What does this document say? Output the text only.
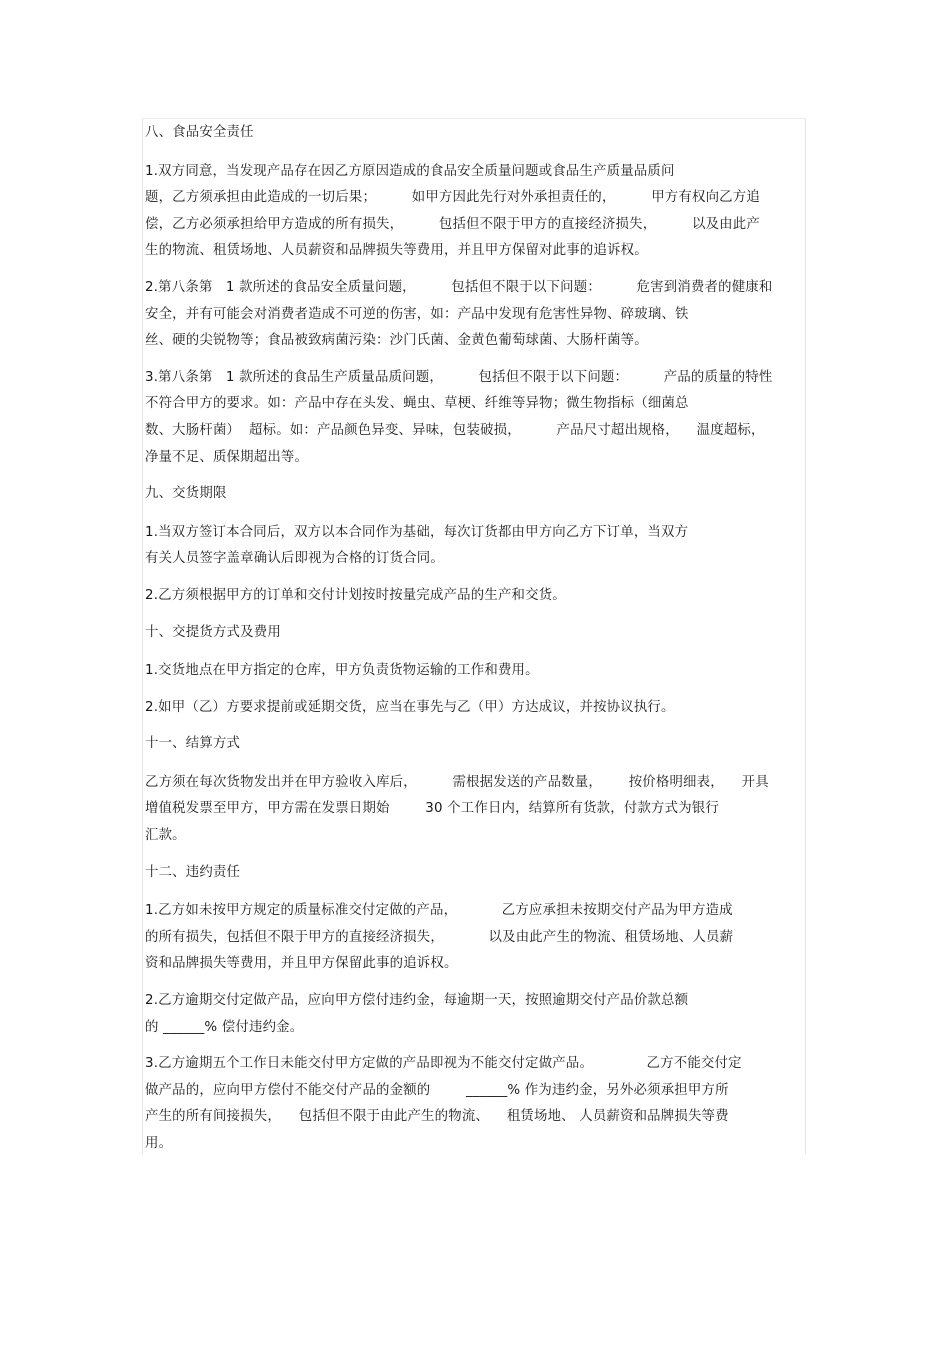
八、食品安全责任
1.双方同意，当发现产品存在因乙方原因造成的食品安全质量问题或食品生产质量品质问
题，乙方须承担由此造成的一切后果；        如甲方因此先行对外承担责任的，        甲方有权向乙方追
偿，乙方必须承担给甲方造成的所有损失，        包括但不限于甲方的直接经济损失，        以及由此产
生的物流、租赁场地、人员薪资和品牌损失等费用，并且甲方保留对此事的追诉权。
2.第八条第   1 款所述的食品安全质量问题，        包括但不限于以下问题：        危害到消费者的健康和
安全，并有可能会对消费者造成不可逆的伤害，如：产品中发现有危害性异物、碎玻璃、铁
丝、硬的尖锐物等；食品被致病菌污染：沙门氏菌、金黄色葡萄球菌、大肠杆菌等。
3.第八条第   1 款所述的食品生产质量品质问题，        包括但不限于以下问题：        产品的质量的特性
不符合甲方的要求。如：产品中存在头发、蝇虫、草梗、纤维等异物；微生物指标（细菌总
数、大肠杆菌）  超标。如：产品颜色异变、异味，包装破损，        产品尺寸超出规格，    温度超标，
净量不足、质保期超出等。
九、交货期限
1.当双方签订本合同后，双方以本合同作为基础，每次订货都由甲方向乙方下订单，当双方
有关人员签字盖章确认后即视为合格的订货合同。
2.乙方须根据甲方的订单和交付计划按时按量完成产品的生产和交货。
十、交提货方式及费用
1.交货地点在甲方指定的仓库，甲方负责货物运输的工作和费用。
2.如甲（乙）方要求提前或延期交货，应当在事先与乙（甲）方达成议，并按协议执行。
十一、结算方式
乙方须在每次货物发出并在甲方验收入库后，        需根据发送的产品数量，      按价格明细表，    开具
增值税发票至甲方，甲方需在发票日期始        30 个工作日内，结算所有货款，付款方式为银行
汇款。
十二、违约责任
1.乙方如未按甲方规定的质量标准交付定做的产品，          乙方应承担未按期交付产品为甲方造成
的所有损失，包括但不限于甲方的直接经济损失，          以及由此产生的物流、租赁场地、人员薪
资和品牌损失等费用，并且甲方保留此事的追诉权。
2.乙方逾期交付定做产品，应向甲方偿付违约金，每逾期一天，按照逾期交付产品价款总额
的 ______% 偿付违约金。
3.乙方逾期五个工作日未能交付甲方定做的产品即视为不能交付定做产品。            乙方不能交付定
做产品的，应向甲方偿付不能交付产品的金额的        ______% 作为违约金，另外必须承担甲方所
产生的所有间接损失，    包括但不限于由此产生的物流、    租赁场地、 人员薪资和品牌损失等费
用。
